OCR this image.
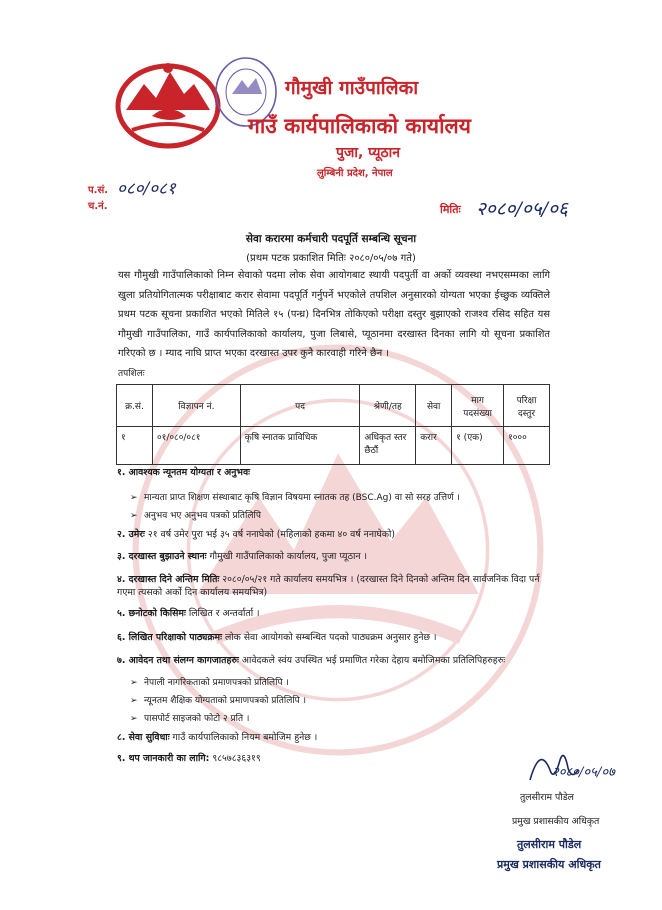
गौमुखी गाउँपालिका
गाउँ कार्यपालिकाको कार्यालय
पुजा, प्यूठान
लुम्बिनी प्रदेश, नेपाल
प.सं. ०८०/०८१
च.नं.	मितिः २०८०/०५/०६
सेवा करारमा कर्मचारी पदपूर्ति सम्बन्धि सूचना
(प्रथम पटक प्रकाशित मितिः २०८०/०५/०७ गते)
यस गौमुखी गाउँपालिकाको निम्न सेवाको पदमा लोक सेवा आयोगबाट स्थायी पदपुर्ती वा अर्को व्यवस्था नभएसम्मका लागि खुला प्रतियोगितात्मक परीक्षाबाट करार सेवामा पदपूर्ति गर्नुपर्ने भएकोले तपशिल अनुसारको योग्यता भएका ईच्छुक व्यक्तिले प्रथम पटक सूचना प्रकाशित भएको मितिले १५ (पन्ध्र) दिनभित्र तोकिएको परीक्षा दस्तुर बुझाएको राजश्व रसिद सहित यस गौमुखी गाउँपालिका, गाउँ कार्यपालिकाको कार्यालय, पुजा लिबासे, प्यूठानमा दरखास्त दिनका लागि यो सूचना प्रकाशित गरिएको छ । म्याद नाघि प्राप्त भएका दरखास्त उपर कुनै कारवाही गरिने छैन ।
तपशिलः
क्र.सं.	विज्ञापन नं.	पद	श्रेणी/तह	सेवा	माग पदसंख्या	परिक्षा दस्तुर
१	०१/०८०/०८१	कृषि स्नातक प्राविधिक	अधिकृत स्तर छैठौं	करार	१ (एक)	१०००
१. आवश्यक न्यूनतम योग्यता र अनुभवः
➢ मान्यता प्राप्त शिक्षण संस्थाबाट कृषि विज्ञान विषयमा स्नातक तह (BSC.Ag) वा सो सरह उत्तिर्ण ।
➢ अनुभव भए अनुभव पत्रको प्रतिलिपि
२. उमेरः २१ वर्ष उमेर पुरा भई ३५ वर्ष ननाघेको (महिलाको हकमा ४० वर्ष ननाघेको)
३. दरखास्त बुझाउने स्थानः गौमुखी गाउँपालिकाको कार्यालय, पुजा प्यूठान ।
४. दरखास्त दिने अन्तिम मितिः २०८०/०५/२१ गते कार्यालय समयभित्र । (दरखास्त दिने दिनको अन्तिम दिन सार्वजनिक विदा पर्न गएमा त्यसको अर्को दिन कार्यालय समयभित्र)
५. छनोटको किसिमः लिखित र अन्तर्वार्ता ।
६. लिखित परिक्षाको पाठ्यक्रमः लोक सेवा आयोगको सम्बन्धित पदको पाठ्यक्रम अनुसार हुनेछ ।
७. आवेदन तथा संलग्न कागजातहरुः आवेदकले स्वंय उपस्थित भई प्रमाणित गरेका देहाय बमोजिमका प्रतिलिपिहरुहरुः
➢ नेपाली नागरिकताको प्रमाणपत्रको प्रतिलिपि ।
➢ न्यूनतम शैक्षिक योग्यताको प्रमाणपत्रको प्रतिलिपि ।
➢ पासपोर्ट साइजको फोटो २ प्रति ।
८. सेवा सुविधाः गाउँ कार्यपालिकाको नियम बमोजिम हुनेछ ।
९. थप जानकारी का लागि: ९८५७८३६३१९
२०८०/०५/०७
तुलसीराम पौडेल
प्रमुख प्रशासकीय अधिकृत
तुलसीराम पौडेल
प्रमुख प्रशासकीय अधिकृत
